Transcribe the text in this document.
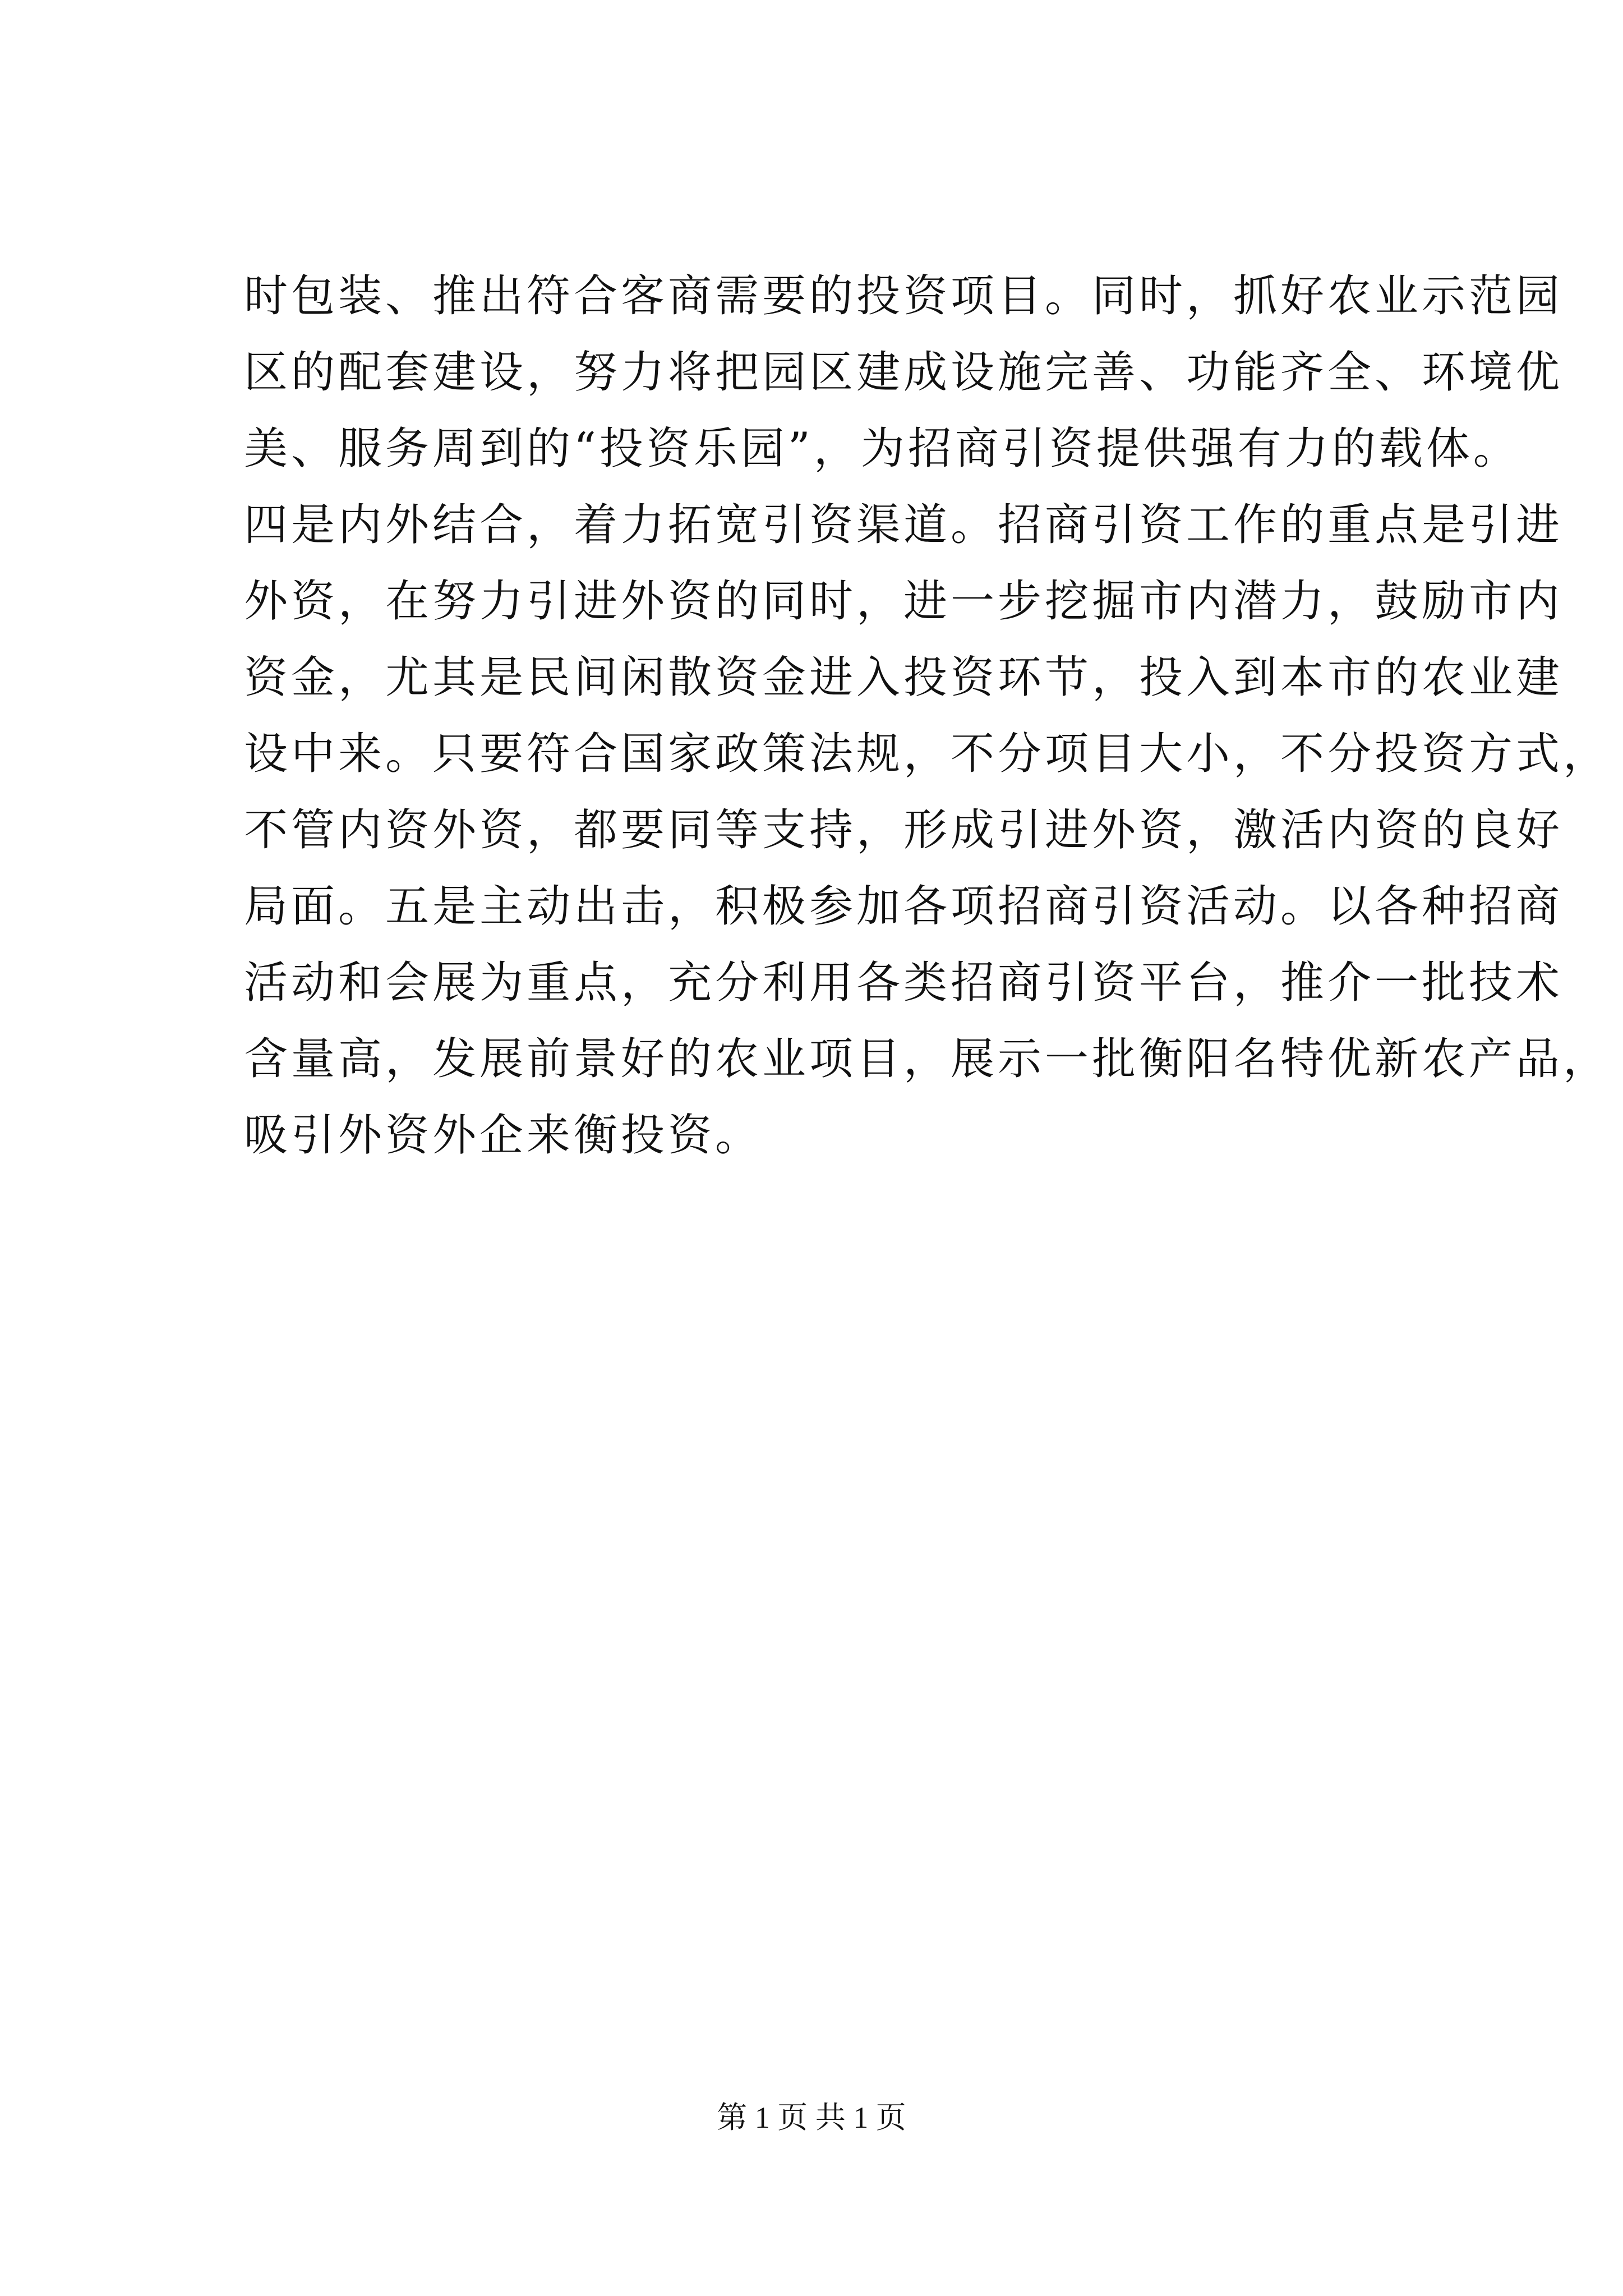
时包装、推出符合客商需要的投资项目。同时，抓好农业示范园
区的配套建设，努力将把园区建成设施完善、功能齐全、环境优
美、服务周到的“投资乐园”，为招商引资提供强有力的载体。
四是内外结合，着力拓宽引资渠道。招商引资工作的重点是引进
外资，在努力引进外资的同时，进一步挖掘市内潜力，鼓励市内
资金，尤其是民间闲散资金进入投资环节，投入到本市的农业建
设中来。只要符合国家政策法规，不分项目大小，不分投资方式，
不管内资外资，都要同等支持，形成引进外资，激活内资的良好
局面。五是主动出击，积极参加各项招商引资活动。以各种招商
活动和会展为重点，充分利用各类招商引资平台，推介一批技术
含量高，发展前景好的农业项目，展示一批衡阳名特优新农产品，
吸引外资外企来衡投资。
第 1 页 共 1 页
